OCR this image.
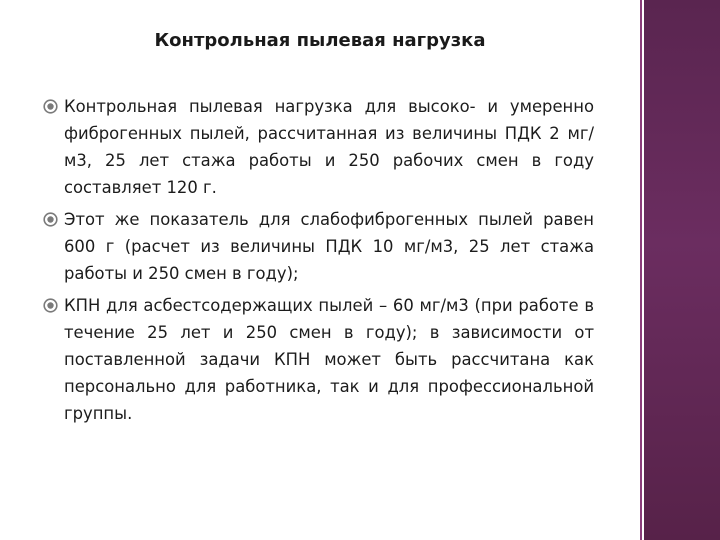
Контрольная пылевая нагрузка
Контрольная пылевая нагрузка для высоко- и умеренно фиброгенных пылей, рассчитанная из величины ПДК 2 мг/м3, 25 лет стажа работы и 250 рабочих смен в году составляет 120 г.
Этот же показатель для слабофиброгенных пылей равен 600 г (расчет из величины ПДК 10 мг/м3, 25 лет стажа работы и 250 смен в году);
КПН для асбестсодержащих пылей – 60 мг/м3 (при работе в течение 25 лет и 250 смен в году); в зависимости от поставленной задачи КПН может быть рассчитана как персонально для работника, так и для профессиональной группы.
